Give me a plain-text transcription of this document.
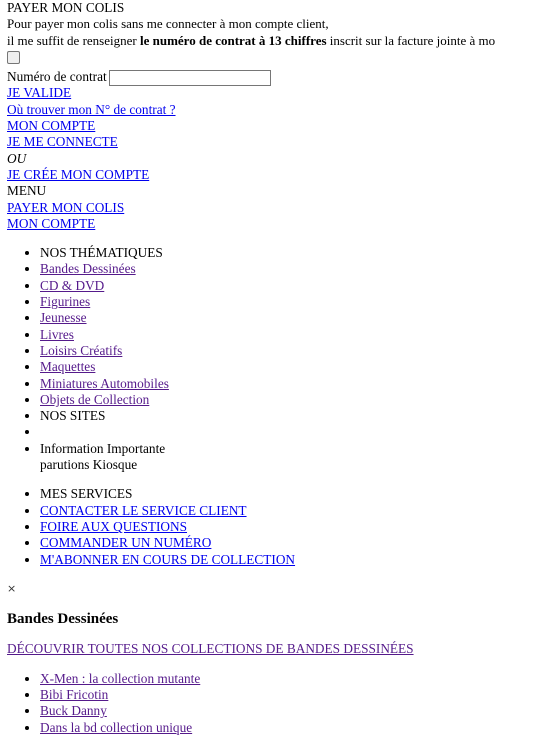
PAYER MON COLIS
Pour payer mon colis sans me connecter à mon compte client,
il me suffit de renseigner le numéro de contrat à 13 chiffres inscrit sur la facture jointe à mo
Numéro de contrat
JE VALIDE
Où trouver mon N° de contrat ?
MON COMPTE
JE ME CONNECTE
OU
JE CRÉE MON COMPTE
MENU
PAYER MON COLIS
MON COMPTE
• NOS THÉMATIQUES
• Bandes Dessinées
• CD & DVD
• Figurines
• Jeunesse
• Livres
• Loisirs Créatifs
• Maquettes
• Miniatures Automobiles
• Objets de Collection
• NOS SITES
•
• Information Importante
parutions Kiosque
• MES SERVICES
• CONTACTER LE SERVICE CLIENT
• FOIRE AUX QUESTIONS
• COMMANDER UN NUMÉRO
• M'ABONNER EN COURS DE COLLECTION
×
Bandes Dessinées
DÉCOUVRIR TOUTES NOS COLLECTIONS DE BANDES DESSINÉES
• X-Men : la collection mutante
• Bibi Fricotin
• Buck Danny
• Dans la bd collection unique
